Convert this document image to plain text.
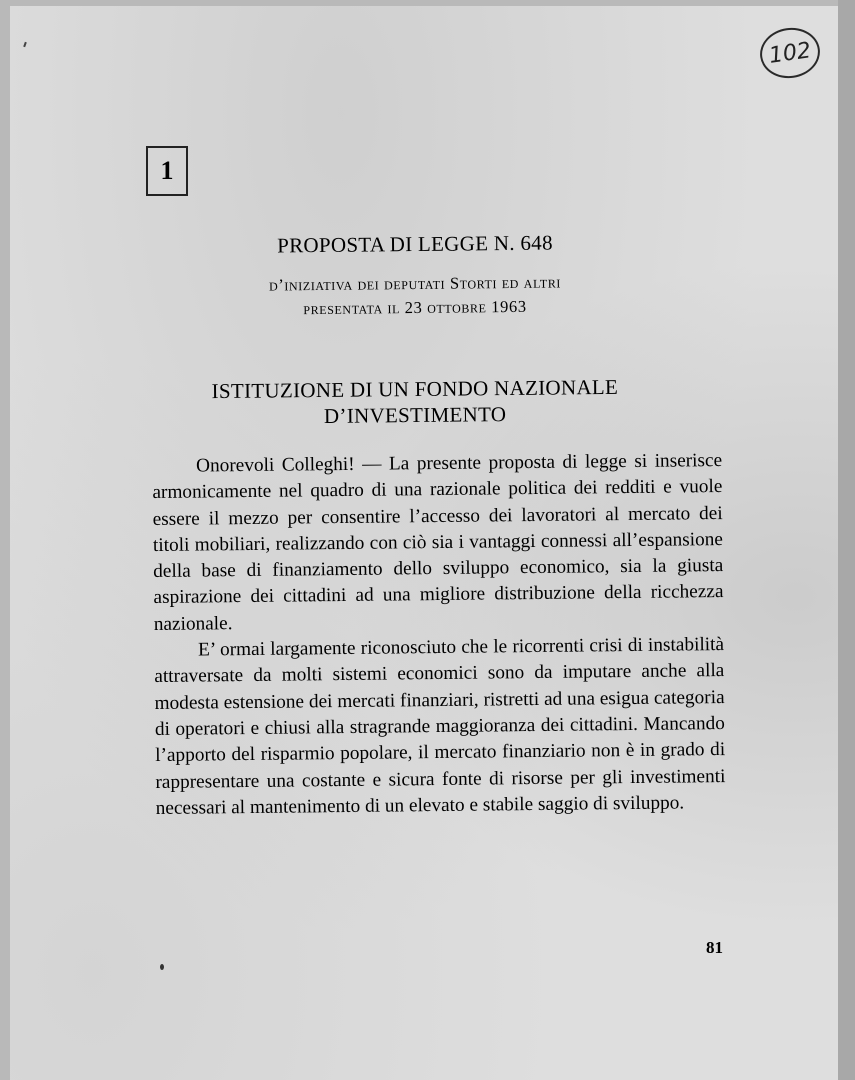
102
1
PROPOSTA DI LEGGE N. 648
d’iniziativa dei deputati Storti ed altri
presentata il 23 ottobre 1963
ISTITUZIONE DI UN FONDO NAZIONALE
D’INVESTIMENTO

Onorevoli Colleghi! — La presente proposta di legge si inserisce armonicamente nel quadro di una razionale politica dei redditi e vuole essere il mezzo per consentire l’accesso dei lavoratori al mercato dei titoli mobiliari, realizzando con ciò sia i vantaggi connessi all’espansione della base di finanziamento dello sviluppo economico, sia la giusta aspirazione dei cittadini ad una migliore distribuzione della ricchezza nazionale.

E’ ormai largamente riconosciuto che le ricorrenti crisi di instabilità attraversate da molti sistemi economici sono da imputare anche alla modesta estensione dei mercati finanziari, ristretti ad una esigua categoria di operatori e chiusi alla stragrande maggioranza dei cittadini. Mancando l’apporto del risparmio popolare, il mercato finanziario non è in grado di rappresentare una costante e sicura fonte di risorse per gli investimenti necessari al mantenimento di un elevato e stabile saggio di sviluppo.

81
